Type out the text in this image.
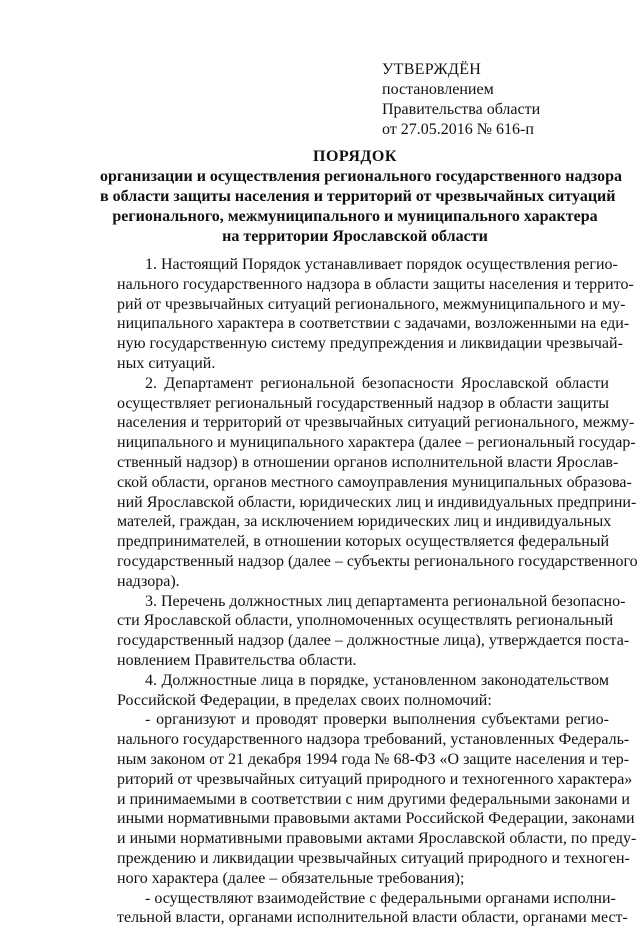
УТВЕРЖДЁН
постановлением
Правительства области
от 27.05.2016 № 616-п
ПОРЯДОК
организации и осуществления регионального государственного надзора
в области защиты населения и территорий от чрезвычайных ситуаций
регионального, межмуниципального и муниципального характера
на территории Ярославской области
1. Настоящий Порядок устанавливает порядок осуществления регио-
нального государственного надзора в области защиты населения и террито-
рий от чрезвычайных ситуаций регионального, межмуниципального и му-
ниципального характера в соответствии с задачами, возложенными на еди-
ную государственную систему предупреждения и ликвидации чрезвычай-
ных ситуаций.
2. Департамент региональной безопасности Ярославской области
осуществляет региональный государственный надзор в области защиты
населения и территорий от чрезвычайных ситуаций регионального, межму-
ниципального и муниципального характера (далее – региональный государ-
ственный надзор) в отношении органов исполнительной власти Ярослав-
ской области, органов местного самоуправления муниципальных образова-
ний Ярославской области, юридических лиц и индивидуальных предприни-
мателей, граждан, за исключением юридических лиц и индивидуальных
предпринимателей, в отношении которых осуществляется федеральный
государственный надзор (далее – субъекты регионального государственного
надзора).
3. Перечень должностных лиц департамента региональной безопасно-
сти Ярославской области, уполномоченных осуществлять региональный
государственный надзор (далее – должностные лица), утверждается поста-
новлением Правительства области.
4. Должностные лица в порядке, установленном законодательством
Российской Федерации, в пределах своих полномочий:
- организуют и проводят проверки выполнения субъектами регио-
нального государственного надзора требований, установленных Федераль-
ным законом от 21 декабря 1994 года № 68-ФЗ «О защите населения и тер-
риторий от чрезвычайных ситуаций природного и техногенного характера»
и принимаемыми в соответствии с ним другими федеральными законами и
иными нормативными правовыми актами Российской Федерации, законами
и иными нормативными правовыми актами Ярославской области, по преду-
преждению и ликвидации чрезвычайных ситуаций природного и техноген-
ного характера (далее – обязательные требования);
- осуществляют взаимодействие с федеральными органами исполни-
тельной власти, органами исполнительной власти области, органами мест-
